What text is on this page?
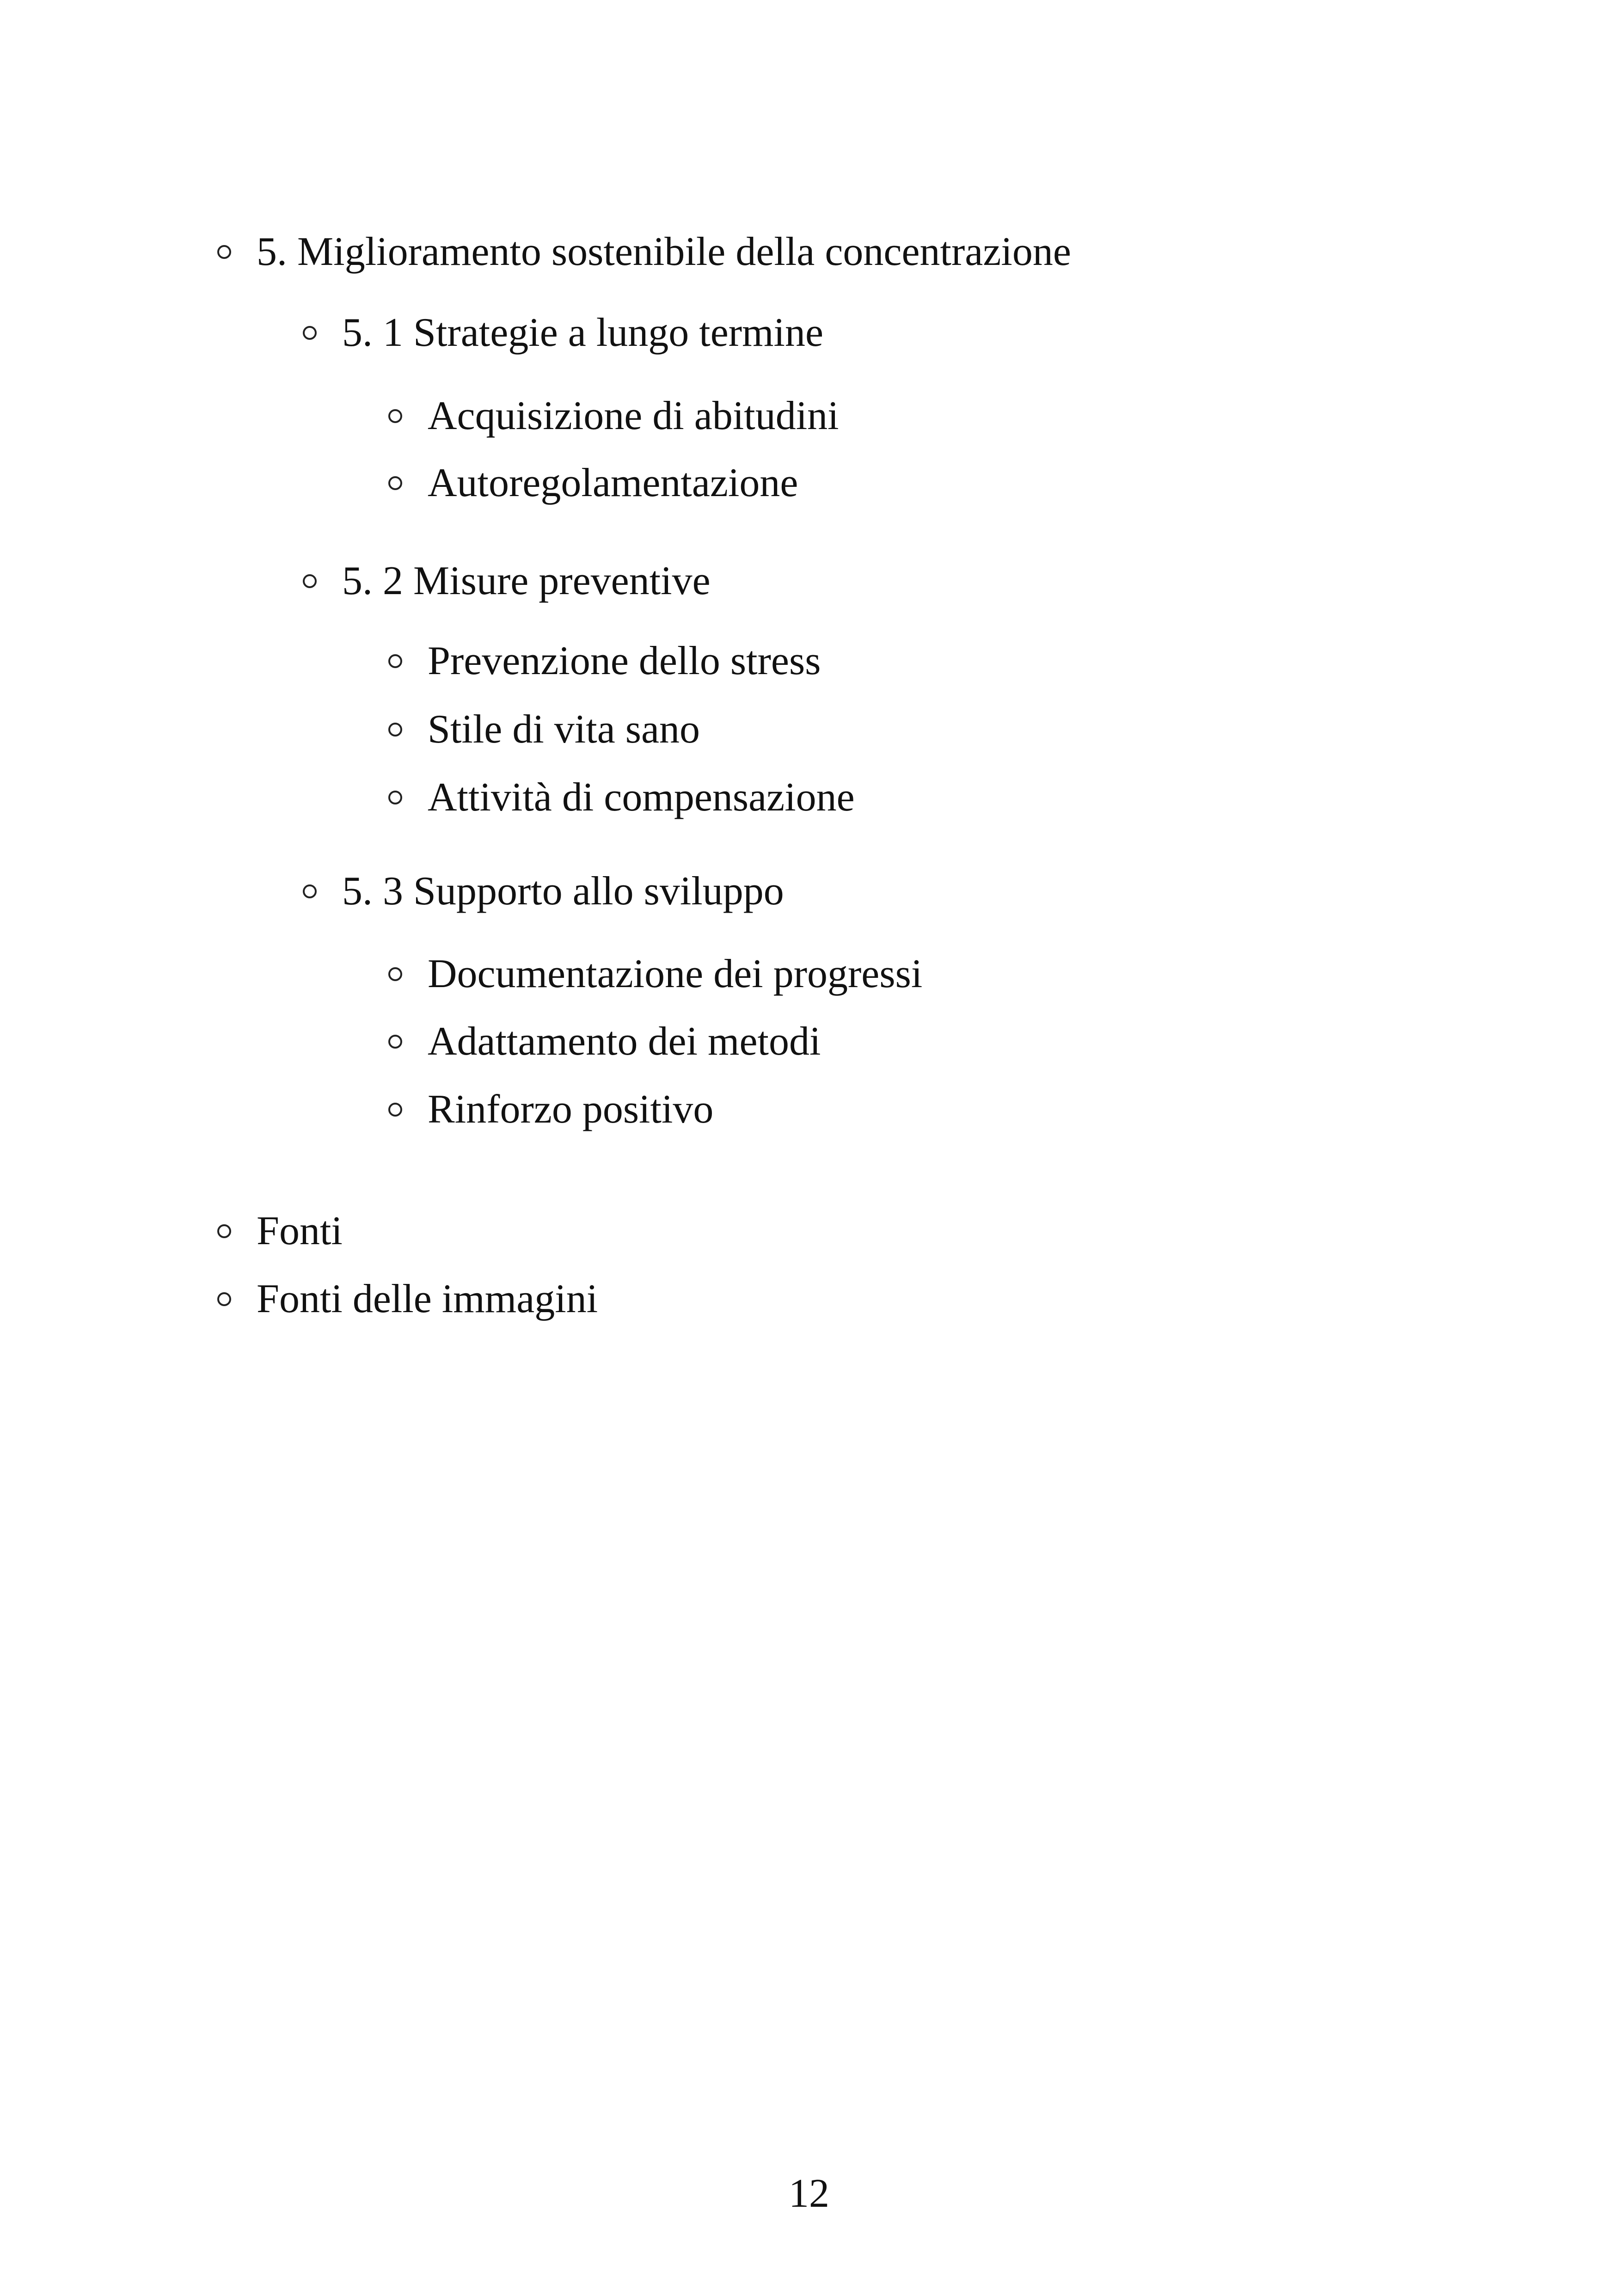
5. Miglioramento sostenibile della concentrazione
5. 1 Strategie a lungo termine
Acquisizione di abitudini
Autoregolamentazione
5. 2 Misure preventive
Prevenzione dello stress
Stile di vita sano
Attività di compensazione
5. 3 Supporto allo sviluppo
Documentazione dei progressi
Adattamento dei metodi
Rinforzo positivo
Fonti
Fonti delle immagini
12
